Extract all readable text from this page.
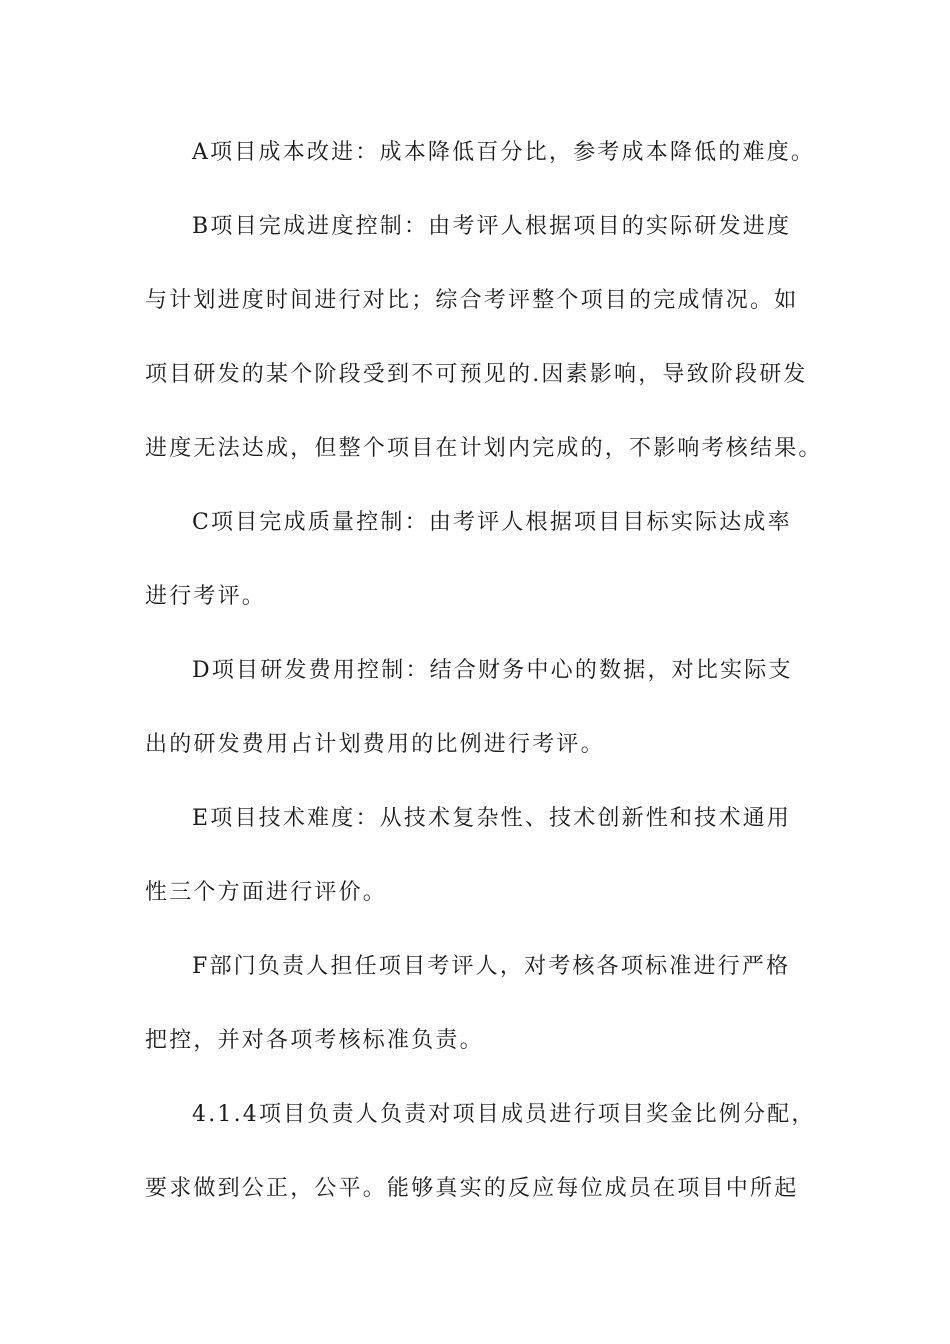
A项目成本改进：成本降低百分比，参考成本降低的难度。
B项目完成进度控制：由考评人根据项目的实际研发进度
与计划进度时间进行对比；综合考评整个项目的完成情况。如
项目研发的某个阶段受到不可预见的.因素影响，导致阶段研发
进度无法达成，但整个项目在计划内完成的，不影响考核结果。
C项目完成质量控制：由考评人根据项目目标实际达成率
进行考评。
D项目研发费用控制：结合财务中心的数据，对比实际支
出的研发费用占计划费用的比例进行考评。
E项目技术难度：从技术复杂性、技术创新性和技术通用
性三个方面进行评价。
F部门负责人担任项目考评人，对考核各项标准进行严格
把控，并对各项考核标准负责。
4.1.4项目负责人负责对项目成员进行项目奖金比例分配，
要求做到公正，公平。能够真实的反应每位成员在项目中所起
